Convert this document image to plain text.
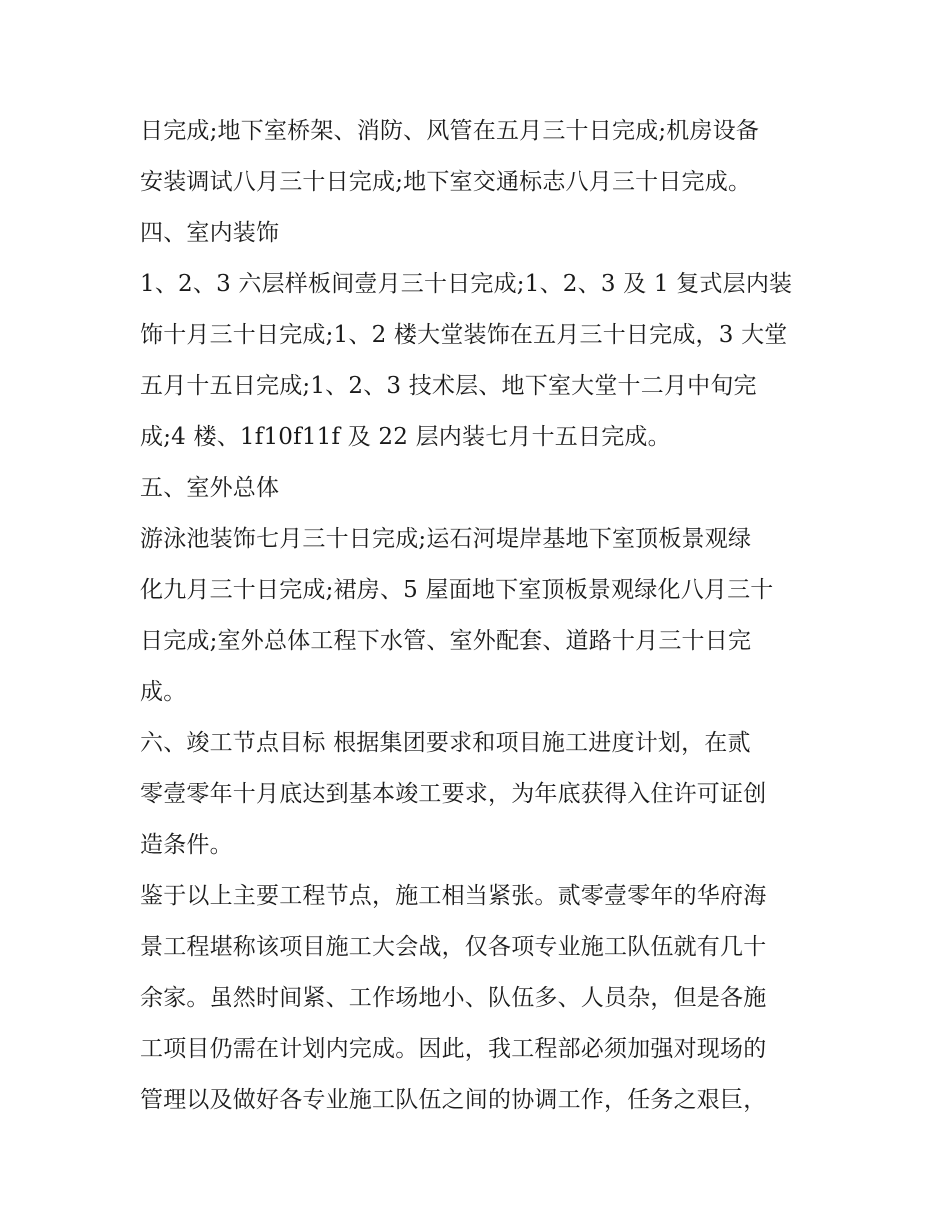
日完成;地下室桥架、消防、风管在五月三十日完成;机房设备
安装调试八月三十日完成;地下室交通标志八月三十日完成。
四、室内装饰
1、2、3 六层样板间壹月三十日完成;1、2、3 及 1 复式层内装
饰十月三十日完成;1、2 楼大堂装饰在五月三十日完成，3 大堂
五月十五日完成;1、2、3 技术层、地下室大堂十二月中旬完
成;4 楼、1f10f11f 及 22 层内装七月十五日完成。
五、室外总体
游泳池装饰七月三十日完成;运石河堤岸基地下室顶板景观绿
化九月三十日完成;裙房、5 屋面地下室顶板景观绿化八月三十
日完成;室外总体工程下水管、室外配套、道路十月三十日完
成。
六、竣工节点目标 根据集团要求和项目施工进度计划，在贰
零壹零年十月底达到基本竣工要求，为年底获得入住许可证创
造条件。
鉴于以上主要工程节点，施工相当紧张。贰零壹零年的华府海
景工程堪称该项目施工大会战，仅各项专业施工队伍就有几十
余家。虽然时间紧、工作场地小、队伍多、人员杂，但是各施
工项目仍需在计划内完成。因此，我工程部必须加强对现场的
管理以及做好各专业施工队伍之间的协调工作，任务之艰巨，
